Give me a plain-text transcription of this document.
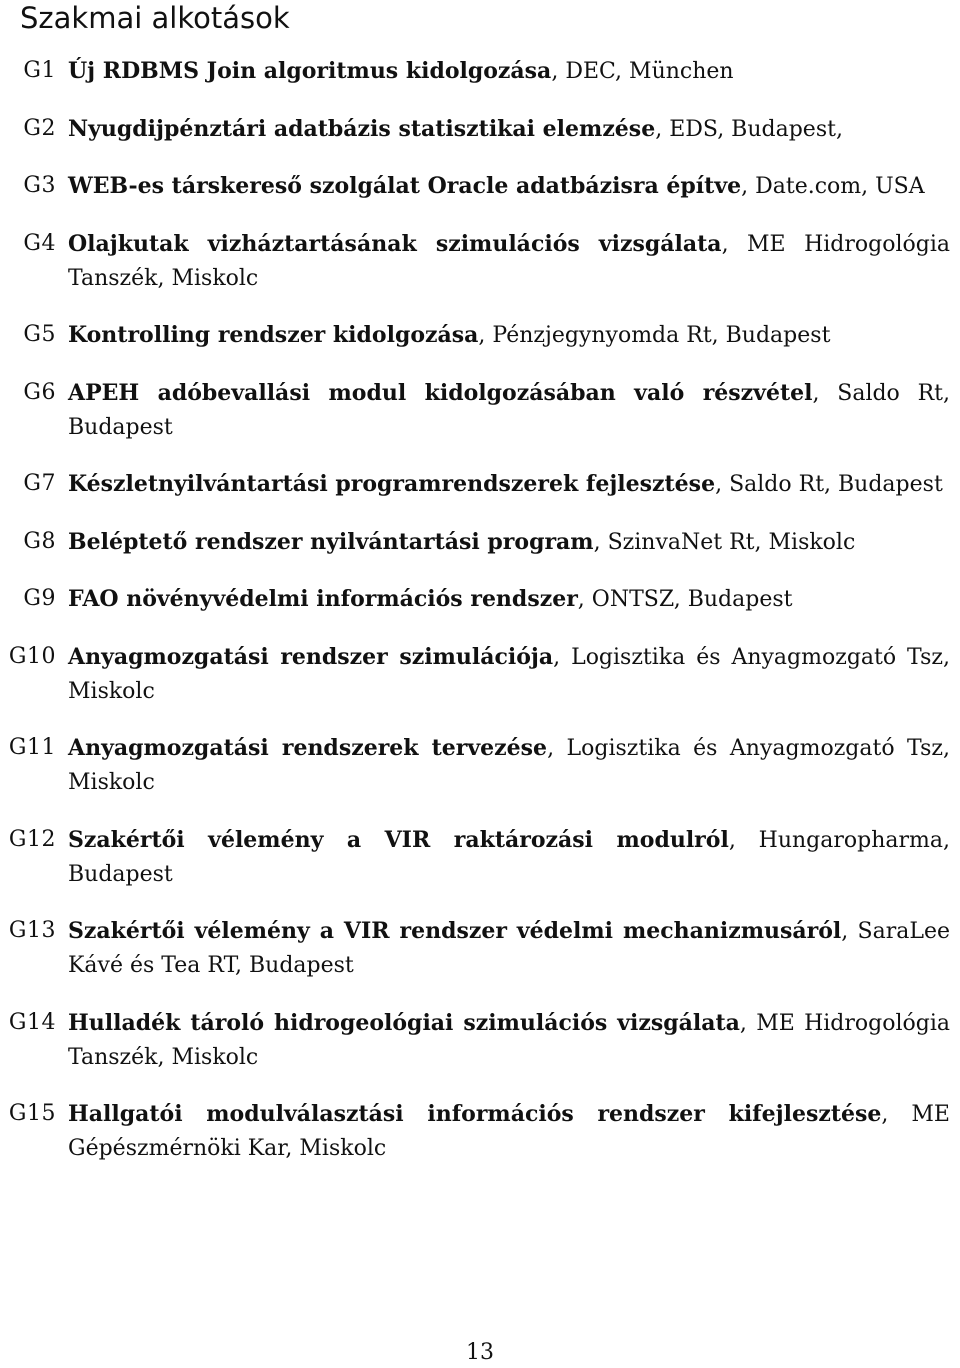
Szakmai alkotások
G1 Új RDBMS Join algoritmus kidolgozása, DEC, München
G2 Nyugdijpénztári adatbázis statisztikai elemzése, EDS, Budapest,
G3 WEB-es társkereső szolgálat Oracle adatbázisra építve, Date.com, USA
G4 Olajkutak vizháztartásának szimulációs vizsgálata, ME Hidrogológia Tanszék, Miskolc
G5 Kontrolling rendszer kidolgozása, Pénzjegynyomda Rt, Budapest
G6 APEH adóbevallási modul kidolgozásában való részvétel, Saldo Rt, Budapest
G7 Készletnyilvántartási programrendszerek fejlesztése, Saldo Rt, Budapest
G8 Beléptető rendszer nyilvántartási program, SzinvaNet Rt, Miskolc
G9 FAO növényvédelmi információs rendszer, ONTSZ, Budapest
G10 Anyagmozgatási rendszer szimulációja, Logisztika és Anyagmozgató Tsz, Miskolc
G11 Anyagmozgatási rendszerek tervezése, Logisztika és Anyagmozgató Tsz, Miskolc
G12 Szakértői vélemény a VIR raktározási modulról, Hungaropharma, Budapest
G13 Szakértői vélemény a VIR rendszer védelmi mechanizmusáról, SaraLee Kávé és Tea RT, Budapest
G14 Hulladék tároló hidrogeológiai szimulációs vizsgálata, ME Hidrogológia Tanszék, Miskolc
G15 Hallgatói modulválasztási információs rendszer kifejlesztése, ME Gépészmérnöki Kar, Miskolc
13
